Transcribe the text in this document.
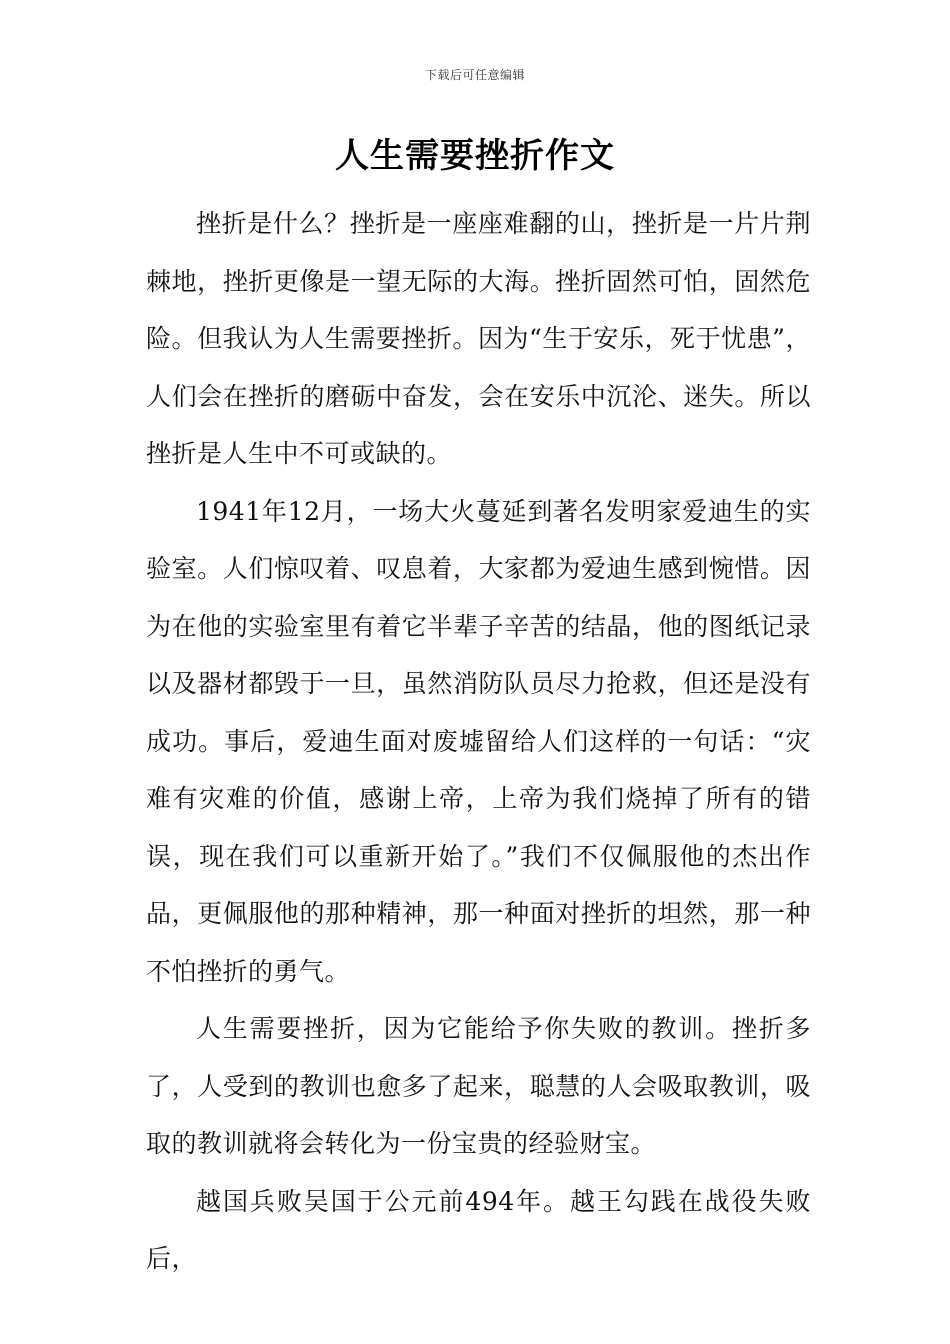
下载后可任意编辑
人生需要挫折作文

挫折是什么？挫折是一座座难翻的山，挫折是一片片荆棘地，挫折更像是一望无际的大海。挫折固然可怕，固然危险。但我认为人生需要挫折。因为“生于安乐，死于忧患”，人们会在挫折的磨砺中奋发，会在安乐中沉沦、迷失。所以挫折是人生中不可或缺的。

1941年12月，一场大火蔓延到著名发明家爱迪生的实验室。人们惊叹着、叹息着，大家都为爱迪生感到惋惜。因为在他的实验室里有着它半辈子辛苦的结晶，他的图纸记录以及器材都毁于一旦，虽然消防队员尽力抢救，但还是没有成功。事后，爱迪生面对废墟留给人们这样的一句话：“灾难有灾难的价值，感谢上帝，上帝为我们烧掉了所有的错误，现在我们可以重新开始了。”我们不仅佩服他的杰出作品，更佩服他的那种精神，那一种面对挫折的坦然，那一种不怕挫折的勇气。

人生需要挫折，因为它能给予你失败的教训。挫折多了，人受到的教训也愈多了起来，聪慧的人会吸取教训，吸取的教训就将会转化为一份宝贵的经验财宝。

越国兵败吴国于公元前494年。越王勾践在战役失败后，
